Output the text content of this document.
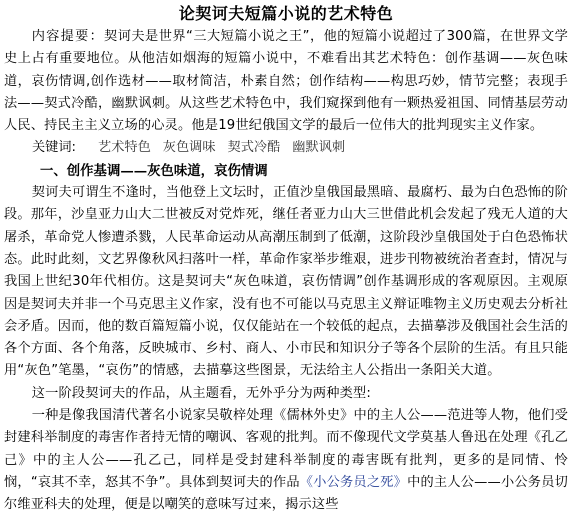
论契诃夫短篇小说的艺术特色

内容提要：契诃夫是世界“三大短篇小说之王”，他的短篇小说超过了300篇，在世界文学史上占有重要地位。从他洁如烟海的短篇小说中，不难看出其艺术特色：创作基调——灰色味道，哀伤情调,创作选材——取材简洁，朴素自然；创作结构——构思巧妙，情节完整；表现手法——契式冷酷，幽默讽刺。从这些艺术特色中，我们窥探到他有一颗热爱祖国、同情基层劳动人民、持民主主义立场的心灵。他是19世纪俄国文学的最后一位伟大的批判现实主义作家。

关键词: 艺术特色 灰色调味 契式冷酷 幽默讽刺

一、创作基调——灰色味道，哀伤情调

契诃夫可谓生不逢时，当他登上文坛时，正值沙皇俄国最黑暗、最腐朽、最为白色恐怖的阶段。那年，沙皇亚力山大二世被反对党炸死，继任者亚力山大三世借此机会发起了残无人道的大屠杀，革命党人惨遭杀戮，人民革命运动从高潮压制到了低潮，这阶段沙皇俄国处于白色恐怖状态。此时此刻，文艺界像秋风扫落叶一样，革命作家举步维艰，进步刊物被统治者查封，情况与我国上世纪30年代相仿。这是契诃夫“灰色味道，哀伤情调”创作基调形成的客观原因。主观原因是契诃夫并非一个马克思主义作家，没有也不可能以马克思主义辩证唯物主义历史观去分析社会矛盾。因而，他的数百篇短篇小说，仅仅能站在一个较低的起点，去描摹涉及俄国社会生活的各个方面、各个角落，反映城市、乡村、商人、小市民和知识分子等各个层阶的生活。有且只能用“灰色”笔墨，“哀伤”的情感，去描摹这些图景，无法给主人公指出一条阳关大道。

这一阶段契诃夫的作品，从主题看，无外乎分为两种类型:

一种是像我国清代著名小说家吴敬梓处理《儒林外史》中的主人公——范进等人物，他们受封建科举制度的毒害作者持无情的嘲讽、客观的批判。而不像现代文学莫基人鲁迅在处理《孔乙己》中的主人公——孔乙己，同样是受封建科举制度的毒害既有批判，更多的是同情、怜悯，“哀其不幸，怒其不争”。具体到契诃夫的作品《小公务员之死》中的主人公——小公务员切尔维亚科夫的处理，便是以嘲笑的意味写过来，揭示这些
